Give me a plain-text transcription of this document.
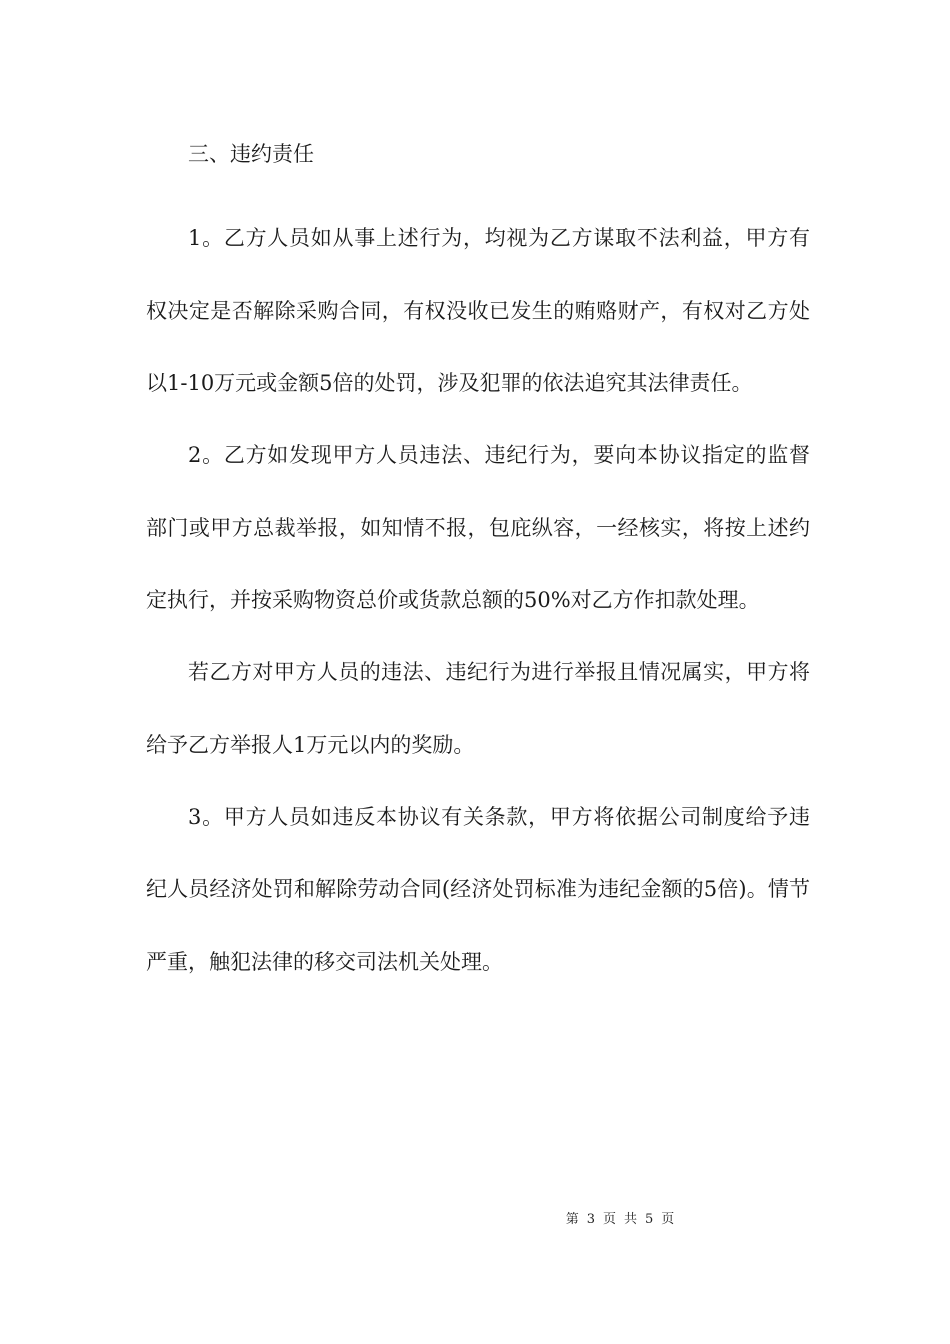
三、违约责任

1。乙方人员如从事上述行为，均视为乙方谋取不法利益，甲方有权决定是否解除采购合同，有权没收已发生的贿赂财产，有权对乙方处以1-10万元或金额5倍的处罚，涉及犯罪的依法追究其法律责任。

2。乙方如发现甲方人员违法、违纪行为，要向本协议指定的监督部门或甲方总裁举报，如知情不报，包庇纵容，一经核实，将按上述约定执行，并按采购物资总价或货款总额的50%对乙方作扣款处理。

若乙方对甲方人员的违法、违纪行为进行举报且情况属实，甲方将给予乙方举报人1万元以内的奖励。

3。甲方人员如违反本协议有关条款，甲方将依据公司制度给予违纪人员经济处罚和解除劳动合同(经济处罚标准为违纪金额的5倍)。情节严重，触犯法律的移交司法机关处理。

第 3 页 共 5 页
